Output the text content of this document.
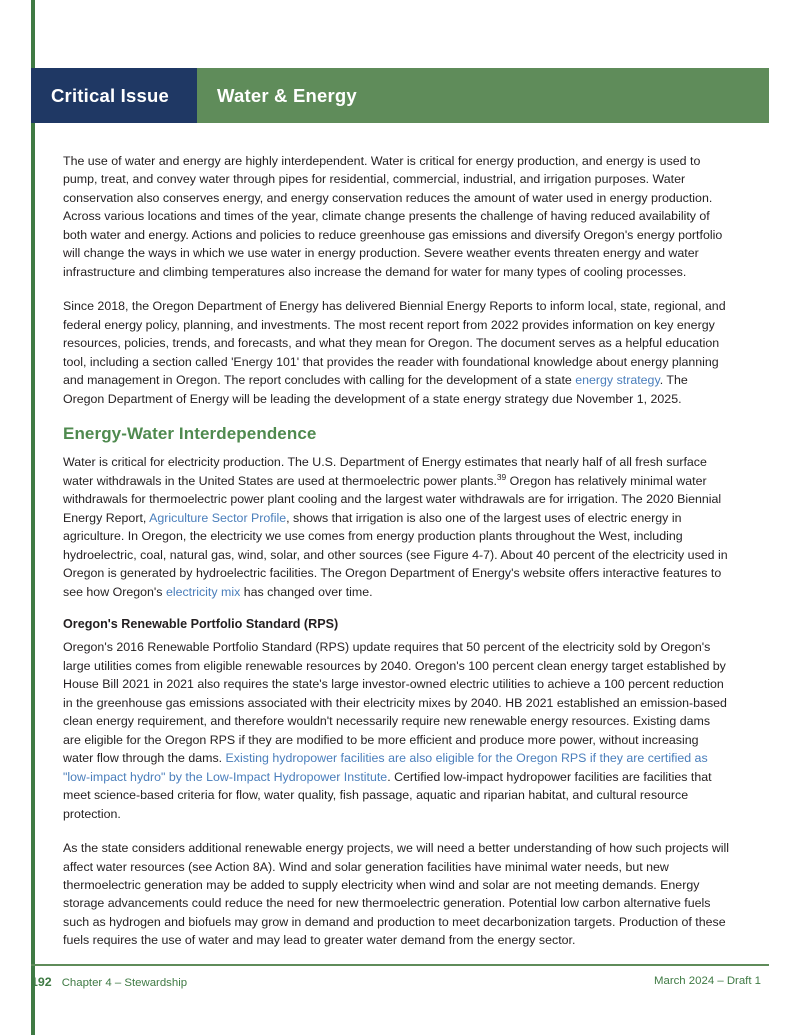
Critical Issue	Water & Energy

The use of water and energy are highly interdependent. Water is critical for energy production, and energy is used to pump, treat, and convey water through pipes for residential, commercial, industrial, and irrigation purposes. Water conservation also conserves energy, and energy conservation reduces the amount of water used in energy production. Across various locations and times of the year, climate change presents the challenge of having reduced availability of both water and energy. Actions and policies to reduce greenhouse gas emissions and diversify Oregon's energy portfolio will change the ways in which we use water in energy production. Severe weather events threaten energy and water infrastructure and climbing temperatures also increase the demand for water for many types of cooling processes.

Since 2018, the Oregon Department of Energy has delivered Biennial Energy Reports to inform local, state, regional, and federal energy policy, planning, and investments. The most recent report from 2022 provides information on key energy resources, policies, trends, and forecasts, and what they mean for Oregon. The document serves as a helpful education tool, including a section called 'Energy 101' that provides the reader with foundational knowledge about energy planning and management in Oregon. The report concludes with calling for the development of a state energy strategy. The Oregon Department of Energy will be leading the development of a state energy strategy due November 1, 2025.

Energy-Water Interdependence

Water is critical for electricity production. The U.S. Department of Energy estimates that nearly half of all fresh surface water withdrawals in the United States are used at thermoelectric power plants.$^{39}$ Oregon has relatively minimal water withdrawals for thermoelectric power plant cooling and the largest water withdrawals are for irrigation. The 2020 Biennial Energy Report, Agriculture Sector Profile, shows that irrigation is also one of the largest uses of electric energy in agriculture. In Oregon, the electricity we use comes from energy production plants throughout the West, including hydroelectric, coal, natural gas, wind, solar, and other sources (see Figure 4-7). About 40 percent of the electricity used in Oregon is generated by hydroelectric facilities. The Oregon Department of Energy's website offers interactive features to see how Oregon's electricity mix has changed over time.

Oregon's Renewable Portfolio Standard (RPS)

Oregon's 2016 Renewable Portfolio Standard (RPS) update requires that 50 percent of the electricity sold by Oregon's large utilities comes from eligible renewable resources by 2040. Oregon's 100 percent clean energy target established by House Bill 2021 in 2021 also requires the state's large investor-owned electric utilities to achieve a 100 percent reduction in the greenhouse gas emissions associated with their electricity mixes by 2040. HB 2021 established an emission-based clean energy requirement, and therefore wouldn't necessarily require new renewable energy resources. Existing dams are eligible for the Oregon RPS if they are modified to be more efficient and produce more power, without increasing water flow through the dams. Existing hydropower facilities are also eligible for the Oregon RPS if they are certified as "low-impact hydro" by the Low-Impact Hydropower Institute. Certified low-impact hydropower facilities are facilities that meet science-based criteria for flow, water quality, fish passage, aquatic and riparian habitat, and cultural resource protection.

As the state considers additional renewable energy projects, we will need a better understanding of how such projects will affect water resources (see Action 8A). Wind and solar generation facilities have minimal water needs, but new thermoelectric generation may be added to supply electricity when wind and solar are not meeting demands. Energy storage advancements could reduce the need for new thermoelectric generation. Potential low carbon alternative fuels such as hydrogen and biofuels may grow in demand and production to meet decarbonization targets. Production of these fuels requires the use of water and may lead to greater water demand from the energy sector.

192 Chapter 4 – Stewardship	March 2024 – Draft 1
